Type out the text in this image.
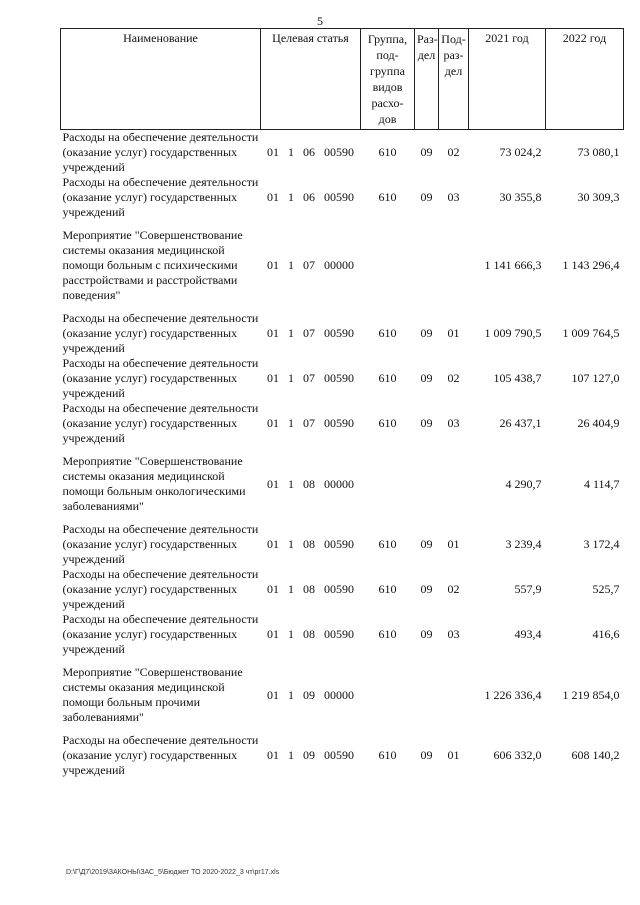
5
Наименование	Целевая статья	Группа, под-группа видов расхо-дов	Раз-дел	Под-раз-дел	2021 год	2022 год
Расходы на обеспечение деятельности (оказание услуг) государственных учреждений	01 1 06 00590	610	09	02	73 024,2	73 080,1
Расходы на обеспечение деятельности (оказание услуг) государственных учреждений	01 1 06 00590	610	09	03	30 355,8	30 309,3

Мероприятие "Совершенствование системы оказания медицинской помощи больным с психическими расстройствами и расстройствами поведения"	01 1 07 00000				1 141 666,3	1 143 296,4

Расходы на обеспечение деятельности (оказание услуг) государственных учреждений	01 1 07 00590	610	09	01	1 009 790,5	1 009 764,5
Расходы на обеспечение деятельности (оказание услуг) государственных учреждений	01 1 07 00590	610	09	02	105 438,7	107 127,0
Расходы на обеспечение деятельности (оказание услуг) государственных учреждений	01 1 07 00590	610	09	03	26 437,1	26 404,9

Мероприятие "Совершенствование системы оказания медицинской помощи больным онкологическими заболеваниями"	01 1 08 00000				4 290,7	4 114,7

Расходы на обеспечение деятельности (оказание услуг) государственных учреждений	01 1 08 00590	610	09	01	3 239,4	3 172,4
Расходы на обеспечение деятельности (оказание услуг) государственных учреждений	01 1 08 00590	610	09	02	557,9	525,7
Расходы на обеспечение деятельности (оказание услуг) государственных учреждений	01 1 08 00590	610	09	03	493,4	416,6

Мероприятие "Совершенствование системы оказания медицинской помощи больным прочими заболеваниями"	01 1 09 00000				1 226 336,4	1 219 854,0

Расходы на обеспечение деятельности (оказание услуг) государственных учреждений	01 1 09 00590	610	09	01	606 332,0	608 140,2
D:\Г\Д7\2019\ЗАКОНЫ\ЗАС_5\Бюджет ТО 2020-2022_3 чт\рг17.xls
